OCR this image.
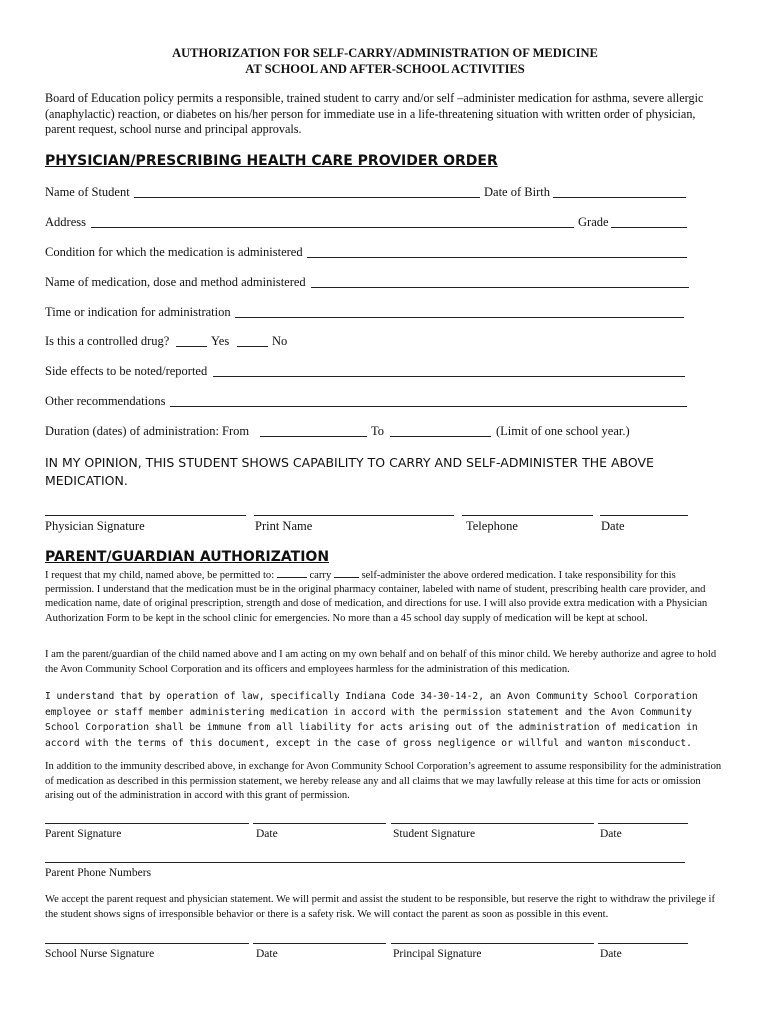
AUTHORIZATION FOR SELF-CARRY/ADMINISTRATION OF MEDICINE
AT SCHOOL AND AFTER-SCHOOL ACTIVITIES
Board of Education policy permits a responsible, trained student to carry and/or self –administer medication for asthma, severe allergic (anaphylactic) reaction, or diabetes on his/her person for immediate use in a life-threatening situation with written order of physician, parent request, school nurse and principal approvals.
PHYSICIAN/PRESCRIBING HEALTH CARE PROVIDER ORDER
Name of Student	Date of Birth
Address	Grade
Condition for which the medication is administered
Name of medication, dose and method administered
Time or indication for administration
Is this a controlled drug?	Yes	No
Side effects to be noted/reported
Other recommendations
Duration (dates) of administration: From	To	(Limit of one school year.)
IN MY OPINION, THIS STUDENT SHOWS CAPABILITY TO CARRY AND SELF-ADMINISTER THE ABOVE MEDICATION.
Physician Signature	Print Name	Telephone	Date
PARENT/GUARDIAN AUTHORIZATION
I request that my child, named above, be permitted to:	carry	self-administer the above ordered medication. I take responsibility for this
permission. I understand that the medication must be in the original pharmacy container, labeled with name of student, prescribing health care provider, and medication name, date of original prescription, strength and dose of medication, and directions for use. I will also provide extra medication with a Physician Authorization Form to be kept in the school clinic for emergencies. No more than a 45 school day supply of medication will be kept at school.
I am the parent/guardian of the child named above and I am acting on my own behalf and on behalf of this minor child. We hereby authorize and agree to hold the Avon Community School Corporation and its officers and employees harmless for the administration of this medication.
I understand that by operation of law, specifically Indiana Code 34-30-14-2, an Avon Community School Corporation employee or staff member administering medication in accord with the permission statement and the Avon Community School Corporation shall be immune from all liability for acts arising out of the administration of medication in accord with the terms of this document, except in the case of gross negligence or willful and wanton misconduct.
In addition to the immunity described above, in exchange for Avon Community School Corporation’s agreement to assume responsibility for the administration of medication as described in this permission statement, we hereby release any and all claims that we may lawfully release at this time for acts or omission arising out of the administration in accord with this grant of permission.
Parent Signature	Date	Student Signature	Date
Parent Phone Numbers
We accept the parent request and physician statement. We will permit and assist the student to be responsible, but reserve the right to withdraw the privilege if the student shows signs of irresponsible behavior or there is a safety risk. We will contact the parent as soon as possible in this event.
School Nurse Signature	Date	Principal Signature	Date
